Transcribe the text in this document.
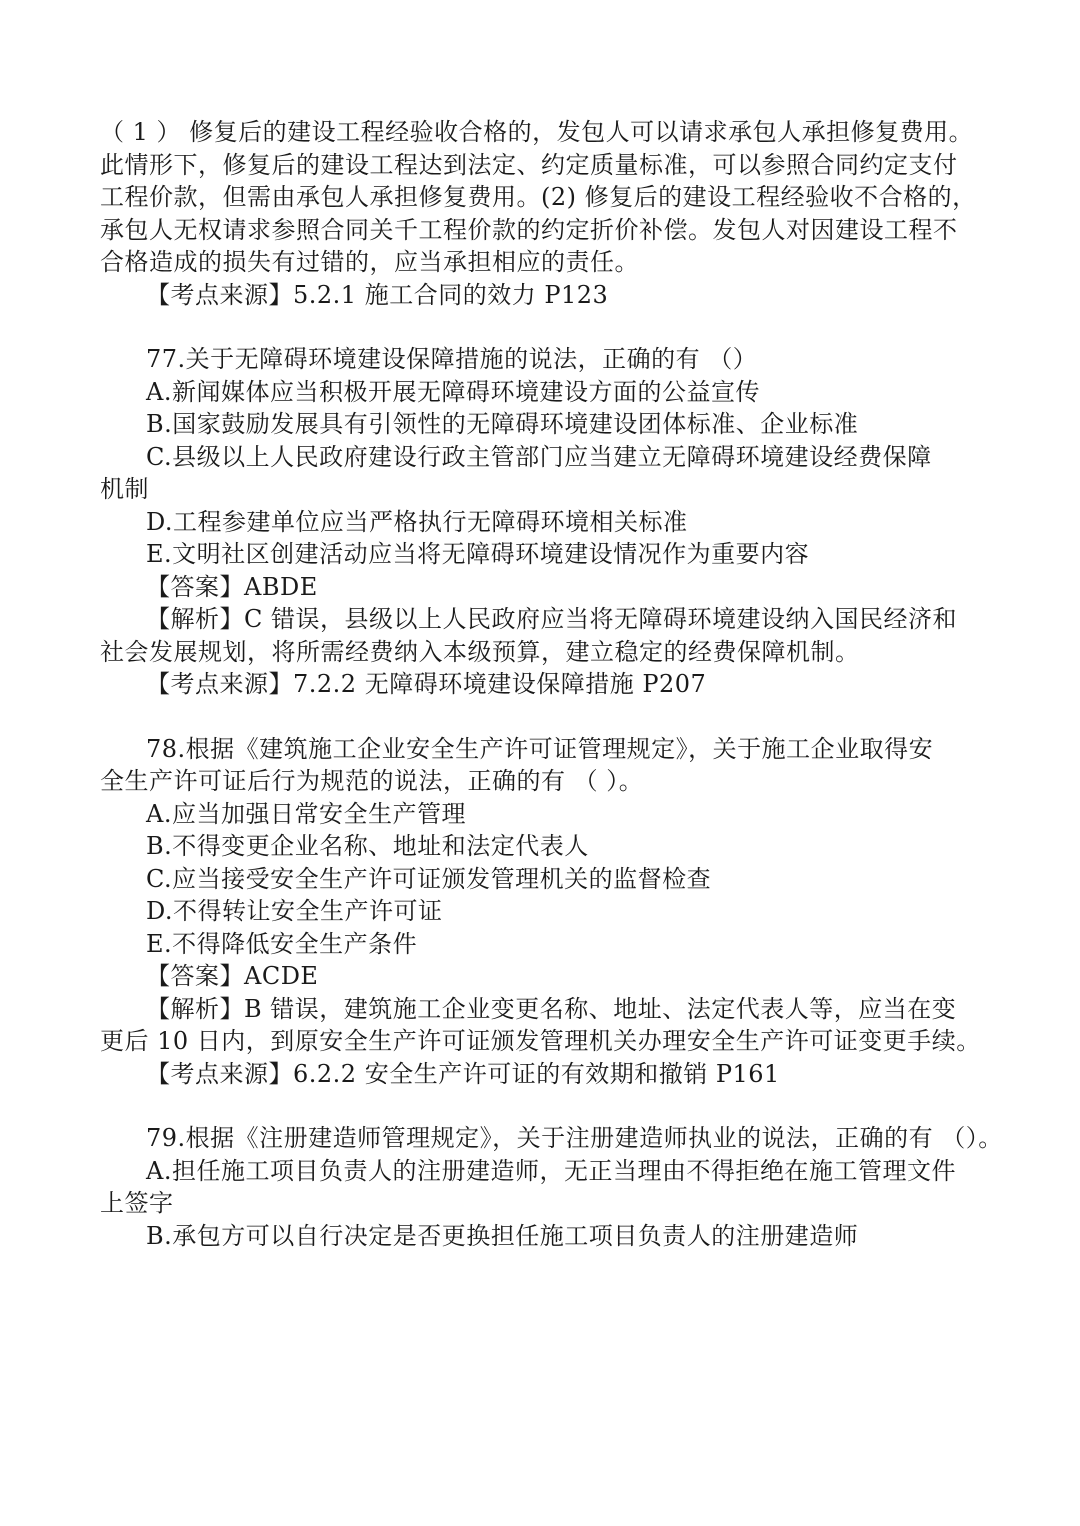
（ 1 ） 修复后的建设工程经验收合格的，发包人可以请求承包人承担修复费用。

此情形下，修复后的建设工程达到法定、约定质量标准，可以参照合同约定支付

工程价款，但需由承包人承担修复费用。(2) 修复后的建设工程经验收不合格的，

承包人无权请求参照合同关千工程价款的约定折价补偿。发包人对因建设工程不

合格造成的损失有过错的，应当承担相应的责任。

【考点来源】5.2.1 施工合同的效力 P123

77.关于无障碍环境建设保障措施的说法，正确的有 （）

A.新闻媒体应当积极开展无障碍环境建设方面的公益宣传

B.国家鼓励发展具有引领性的无障碍环境建设团体标准、企业标准

C.县级以上人民政府建设行政主管部门应当建立无障碍环境建设经费保障

机制

D.工程参建单位应当严格执行无障碍环境相关标准

E.文明社区创建活动应当将无障碍环境建设情况作为重要内容

【答案】ABDE

【解析】C 错误，县级以上人民政府应当将无障碍环境建设纳入国民经济和

社会发展规划，将所需经费纳入本级预算，建立稳定的经费保障机制。

【考点来源】7.2.2 无障碍环境建设保障措施 P207

78.根据《建筑施工企业安全生产许可证管理规定》，关于施工企业取得安

全生产许可证后行为规范的说法，正确的有 （ ）。

A.应当加强日常安全生产管理

B.不得变更企业名称、地址和法定代表人

C.应当接受安全生产许可证颁发管理机关的监督检查

D.不得转让安全生产许可证

E.不得降低安全生产条件

【答案】ACDE

【解析】B 错误，建筑施工企业变更名称、地址、法定代表人等，应当在变

更后 10 日内，到原安全生产许可证颁发管理机关办理安全生产许可证变更手续。

【考点来源】6.2.2 安全生产许可证的有效期和撤销 P161

79.根据《注册建造师管理规定》，关于注册建造师执业的说法，正确的有 （）。

A.担任施工项目负责人的注册建造师，无正当理由不得拒绝在施工管理文件

上签字

B.承包方可以自行决定是否更换担任施工项目负责人的注册建造师
